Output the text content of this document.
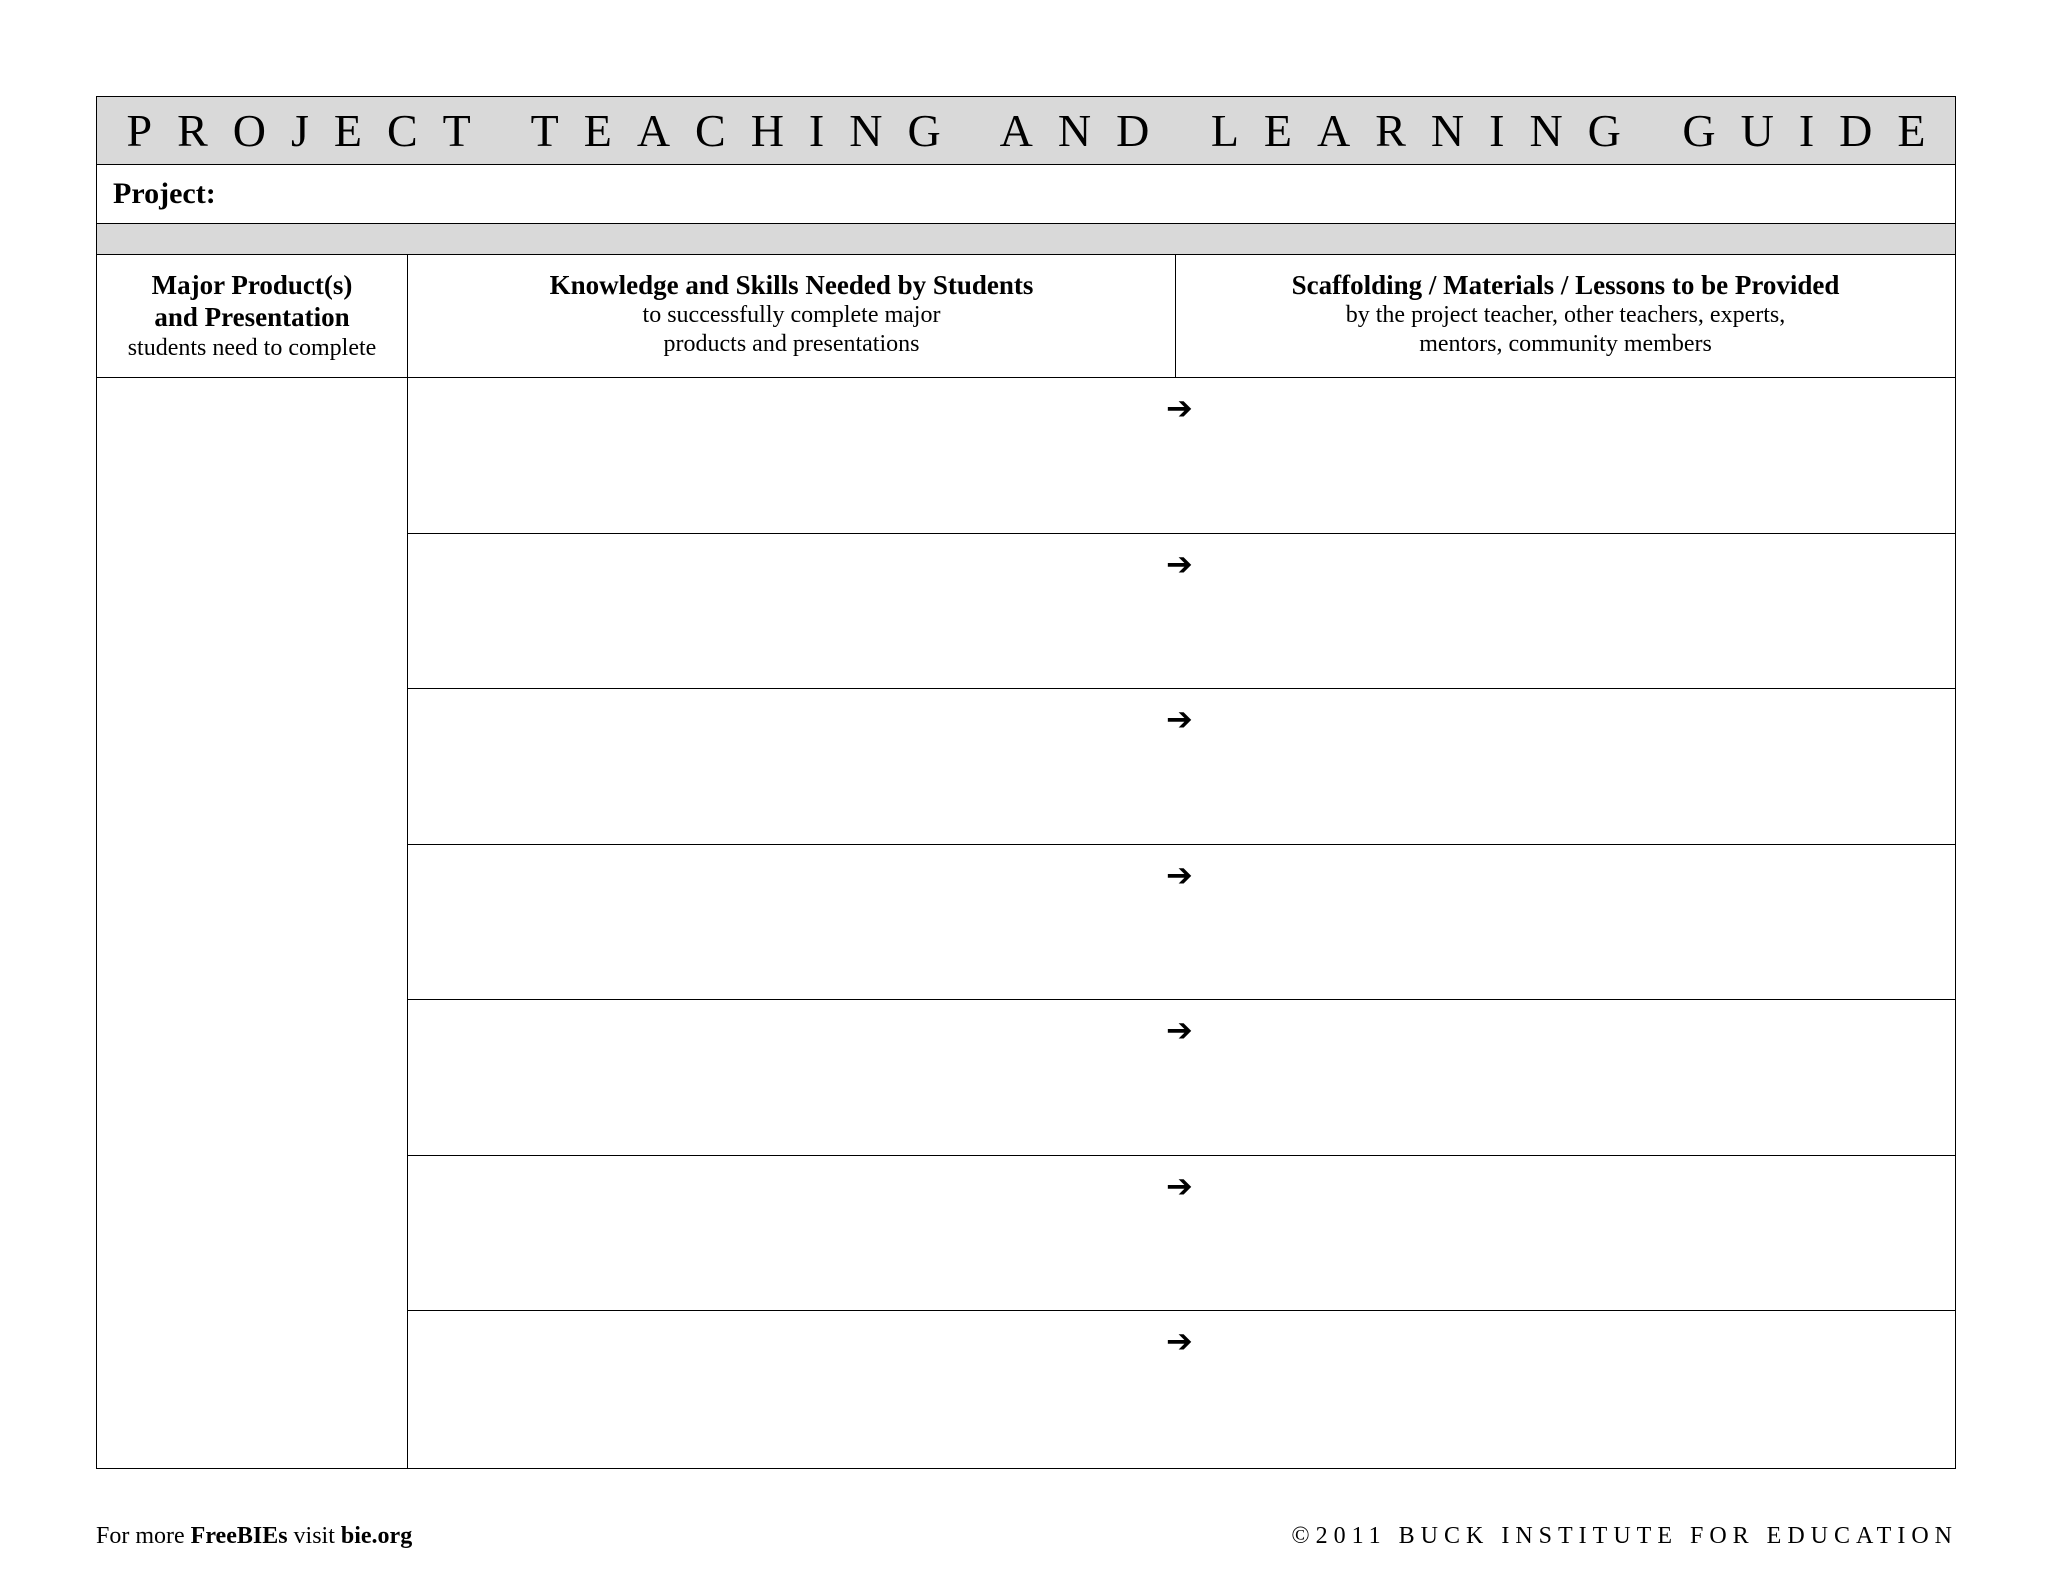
PROJECT TEACHING AND LEARNING GUIDE
Project:
Major Product(s) and Presentation
students need to complete
Knowledge and Skills Needed by Students
to successfully complete major
products and presentations
Scaffolding / Materials / Lessons to be Provided
by the project teacher, other teachers, experts,
mentors, community members
➔
➔
➔
➔
➔
➔
➔
For more FreeBIEs visit bie.org	©2011 BUCK INSTITUTE FOR EDUCATION
